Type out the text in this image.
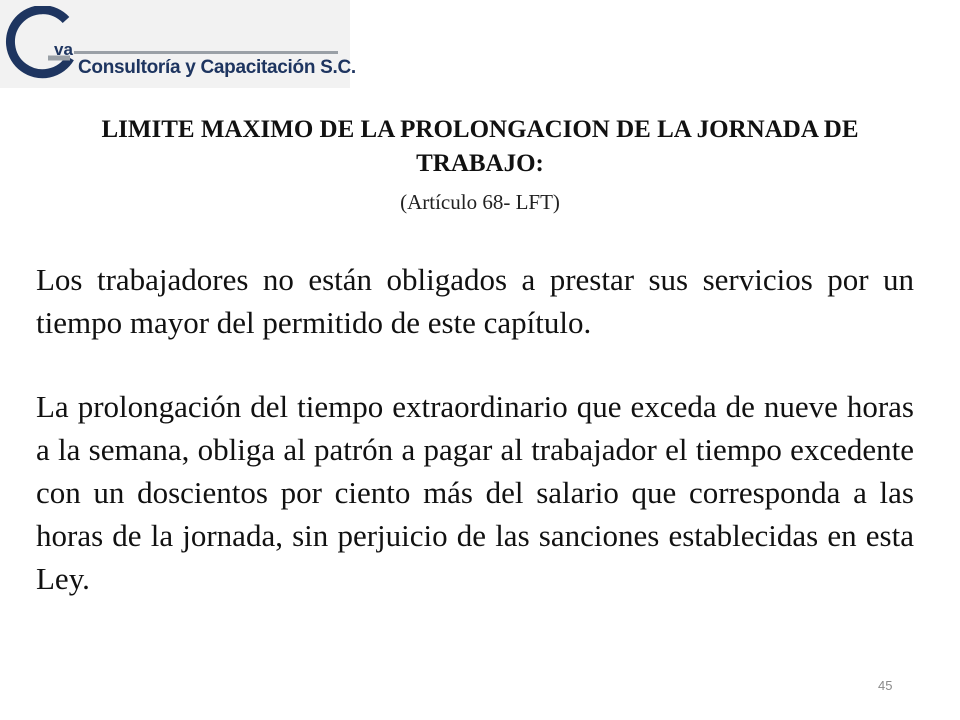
va
Consultoría y Capacitación S.C.
LIMITE MAXIMO DE LA PROLONGACION DE LA JORNADA DE TRABAJO:
(Artículo 68- LFT)

Los trabajadores no están obligados a prestar sus servicios por un tiempo mayor del permitido de este capítulo.

La prolongación del tiempo extraordinario que exceda de nueve horas a la semana, obliga al patrón a pagar al trabajador el tiempo excedente con un doscientos por ciento más del salario que corresponda a las horas de la jornada, sin perjuicio de las sanciones establecidas en esta Ley.

45
